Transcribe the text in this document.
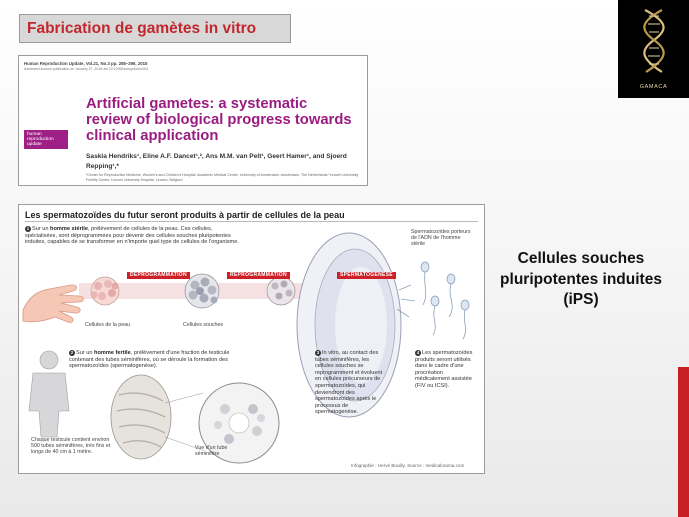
Fabrication de gamètes in vitro
GAMACA
Human Reproduction Update, Vol.21, No.3 pp. 285–296, 2015
Advanced Access publication on January 27, 2015 doi:10.1093/humupd/dmv001
human
reproduction
update
Artificial gametes: a systematic review of biological progress towards clinical application
Saskia Hendriks¹, Eline A.F. Dancet¹,², Ans M.M. van Pelt¹, Geert Hamer¹, and Sjoerd Repping¹,*
¹Center for Reproductive Medicine, Women's and Children's Hospital, Academic Medical Center, University of Amsterdam, Amsterdam, The Netherlands ²Leuven University Fertility Center, Leuven University Hospital, Leuven, Belgium
Les spermatozoïdes du futur seront produits à partir de cellules de la peau
1 Sur un homme stérile, prélèvement de cellules de la peau. Ces cellules, spécialisées, sont déprogrammées pour devenir des cellules souches pluripotentes induites, capables de se transformer en n'importe quel type de cellules de l'organisme.
DÉPROGRAMMATION	REPROGRAMMATION	SPERMATOGENÈSE
Cellules de la peau	Cellules souches
Spermatozoïdes porteurs de l'ADN de l'homme stérile
2 Sur un homme fertile, prélèvement d'une fraction de testicule contenant des tubes séminifères, où se déroule la formation des spermatozoïdes (spermatogenèse).
3 In vitro, au contact des tubes séminifères, les cellules souches se reprogramment et évoluent en cellules précurseurs de spermatozoïdes, qui deviendront des spermatozoïdes après le processus de spermatogenèse.
4 Les spermatozoïdes produits seront utilisés dans le cadre d'une procréation médicalement assistée (FIV ou ICSI).
Chaque testicule contient environ 500 tubes séminifères, très fins et longs de 40 cm à 1 mètre.
Vue d'un tube séminifère
Infographie : Hervé Bouilly. Source : medicalorama.com
Cellules souches pluripotentes induites (iPS)
